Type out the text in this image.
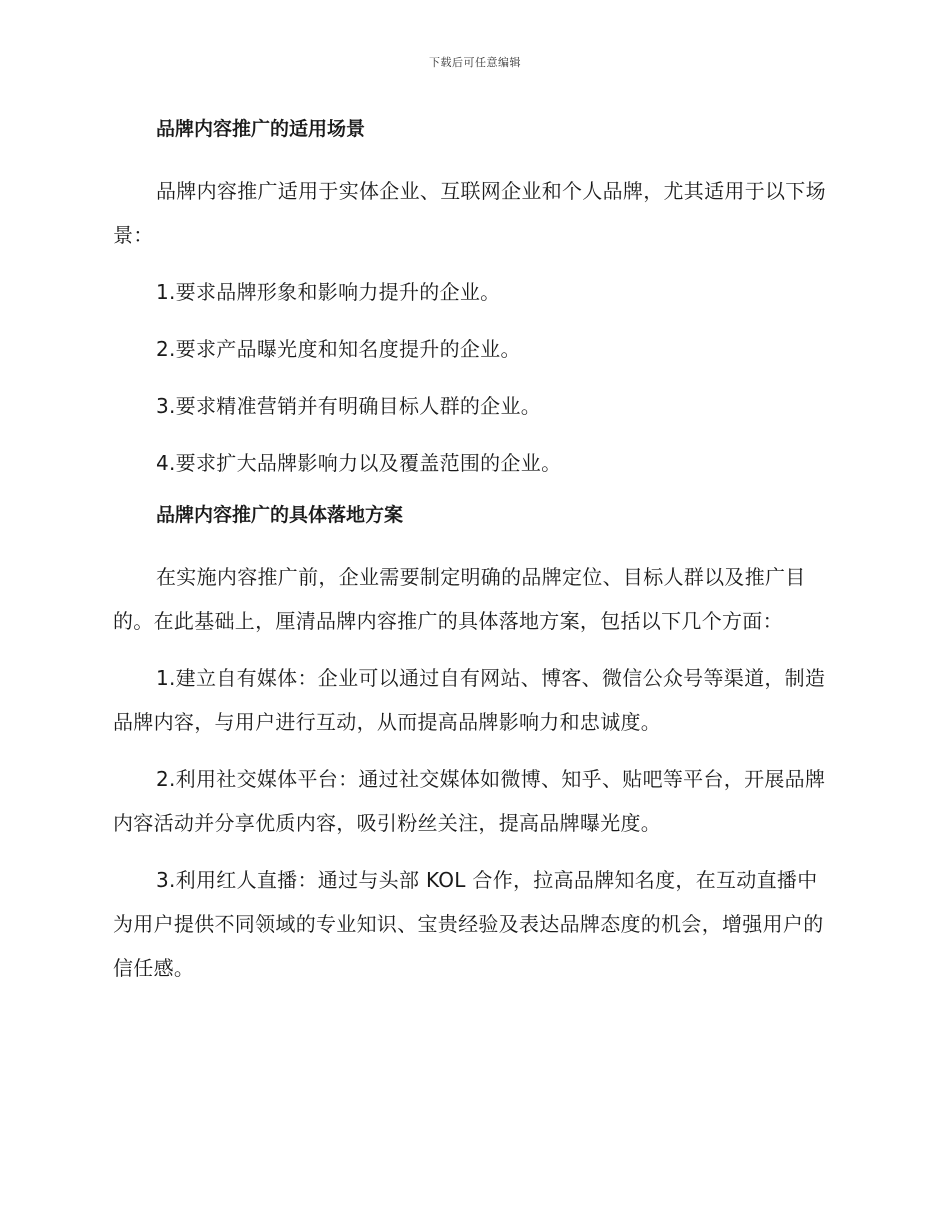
下载后可任意编辑
品牌内容推广的适用场景

品牌内容推广适用于实体企业、互联网企业和个人品牌，尤其适用于以下场景：

1.要求品牌形象和影响力提升的企业。

2.要求产品曝光度和知名度提升的企业。

3.要求精准营销并有明确目标人群的企业。

4.要求扩大品牌影响力以及覆盖范围的企业。

品牌内容推广的具体落地方案

在实施内容推广前，企业需要制定明确的品牌定位、目标人群以及推广目的。在此基础上，厘清品牌内容推广的具体落地方案，包括以下几个方面：

1.建立自有媒体：企业可以通过自有网站、博客、微信公众号等渠道，制造品牌内容，与用户进行互动，从而提高品牌影响力和忠诚度。

2.利用社交媒体平台：通过社交媒体如微博、知乎、贴吧等平台，开展品牌内容活动并分享优质内容，吸引粉丝关注，提高品牌曝光度。

3.利用红人直播：通过与头部 KOL 合作，拉高品牌知名度，在互动直播中为用户提供不同领域的专业知识、宝贵经验及表达品牌态度的机会，增强用户的信任感。
